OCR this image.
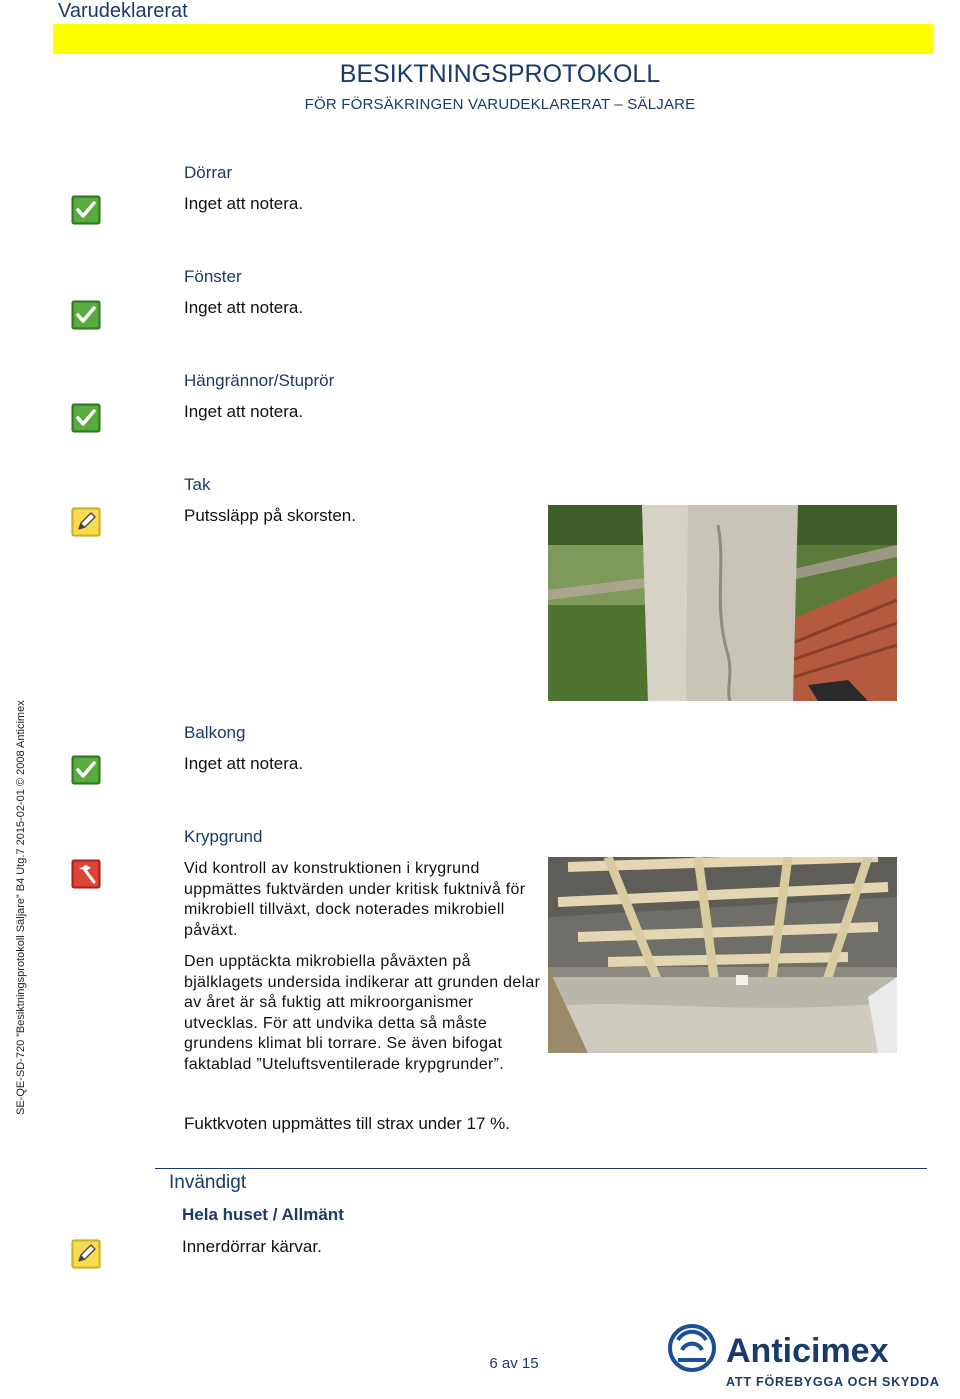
Varudeklarerat
BESIKTNINGSPROTOKOLL
FÖR FÖRSÄKRINGEN VARUDEKLARERAT – SÄLJARE
SE-QE-SD-720 ”Besiktningsprotokoll Säljare” B4 Utg.7 2015-02-01 © 2008 Anticimex
Dörrar
Inget att notera.
Fönster
Inget att notera.
Hängrännor/Stuprör
Inget att notera.
Tak
Putssläpp på skorsten.
Balkong
Inget att notera.
Krypgrund
Vid kontroll av konstruktionen i krygrund uppmättes fuktvärden under kritisk fuktnivå för mikrobiell tillväxt, dock noterades mikrobiell påväxt.
Den upptäckta mikrobiella påväxten på bjälklagets undersida indikerar att grunden delar av året är så fuktig att mikroorganismer utvecklas. För att undvika detta så måste grundens klimat bli torrare. Se även bifogat faktablad ”Uteluftsventilerade krypgrunder”.
Fuktkvoten uppmättes till strax under 17 %.
Invändigt
Hela huset / Allmänt
Innerdörrar kärvar.
6 av 15	Anticimex
ATT FÖREBYGGA OCH SKYDDA
